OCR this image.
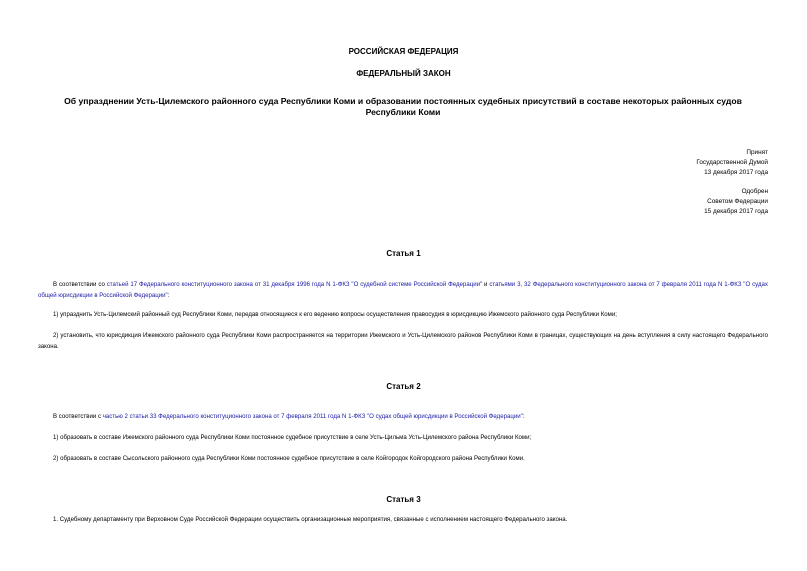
РОССИЙСКАЯ ФЕДЕРАЦИЯ
ФЕДЕРАЛЬНЫЙ ЗАКОН
Об упразднении Усть-Цилемского районного суда Республики Коми и образовании постоянных судебных присутствий в составе некоторых районных судов Республики Коми
Принят
Государственной Думой
13 декабря 2017 года
Одобрен
Советом Федерации
15 декабря 2017 года
Статья 1
В соответствии со статьей 17 Федерального конституционного закона от 31 декабря 1996 года N 1-ФКЗ "О судебной системе Российской Федерации" и статьями 3, 32 Федерального конституционного закона от 7 февраля 2011 года N 1-ФКЗ "О судах общей юрисдикции в Российской Федерации":
1) упразднить Усть-Цилемский районный суд Республики Коми, передав относящиеся к его ведению вопросы осуществления правосудия в юрисдикцию Ижемского районного суда Республики Коми;
2) установить, что юрисдикция Ижемского районного суда Республики Коми распространяется на территории Ижемского и Усть-Цилемского районов Республики Коми в границах, существующих на день вступления в силу настоящего Федерального закона.
Статья 2
В соответствии с частью 2 статьи 33 Федерального конституционного закона от 7 февраля 2011 года N 1-ФКЗ "О судах общей юрисдикции в Российской Федерации":
1) образовать в составе Ижемского районного суда Республики Коми постоянное судебное присутствие в селе Усть-Цильма Усть-Цилемского района Республики Коми;
2) образовать в составе Сысольского районного суда Республики Коми постоянное судебное присутствие в селе Койгородок Койгородского района Республики Коми.
Статья 3
1. Судебному департаменту при Верховном Суде Российской Федерации осуществить организационные мероприятия, связанные с исполнением настоящего Федерального закона.
